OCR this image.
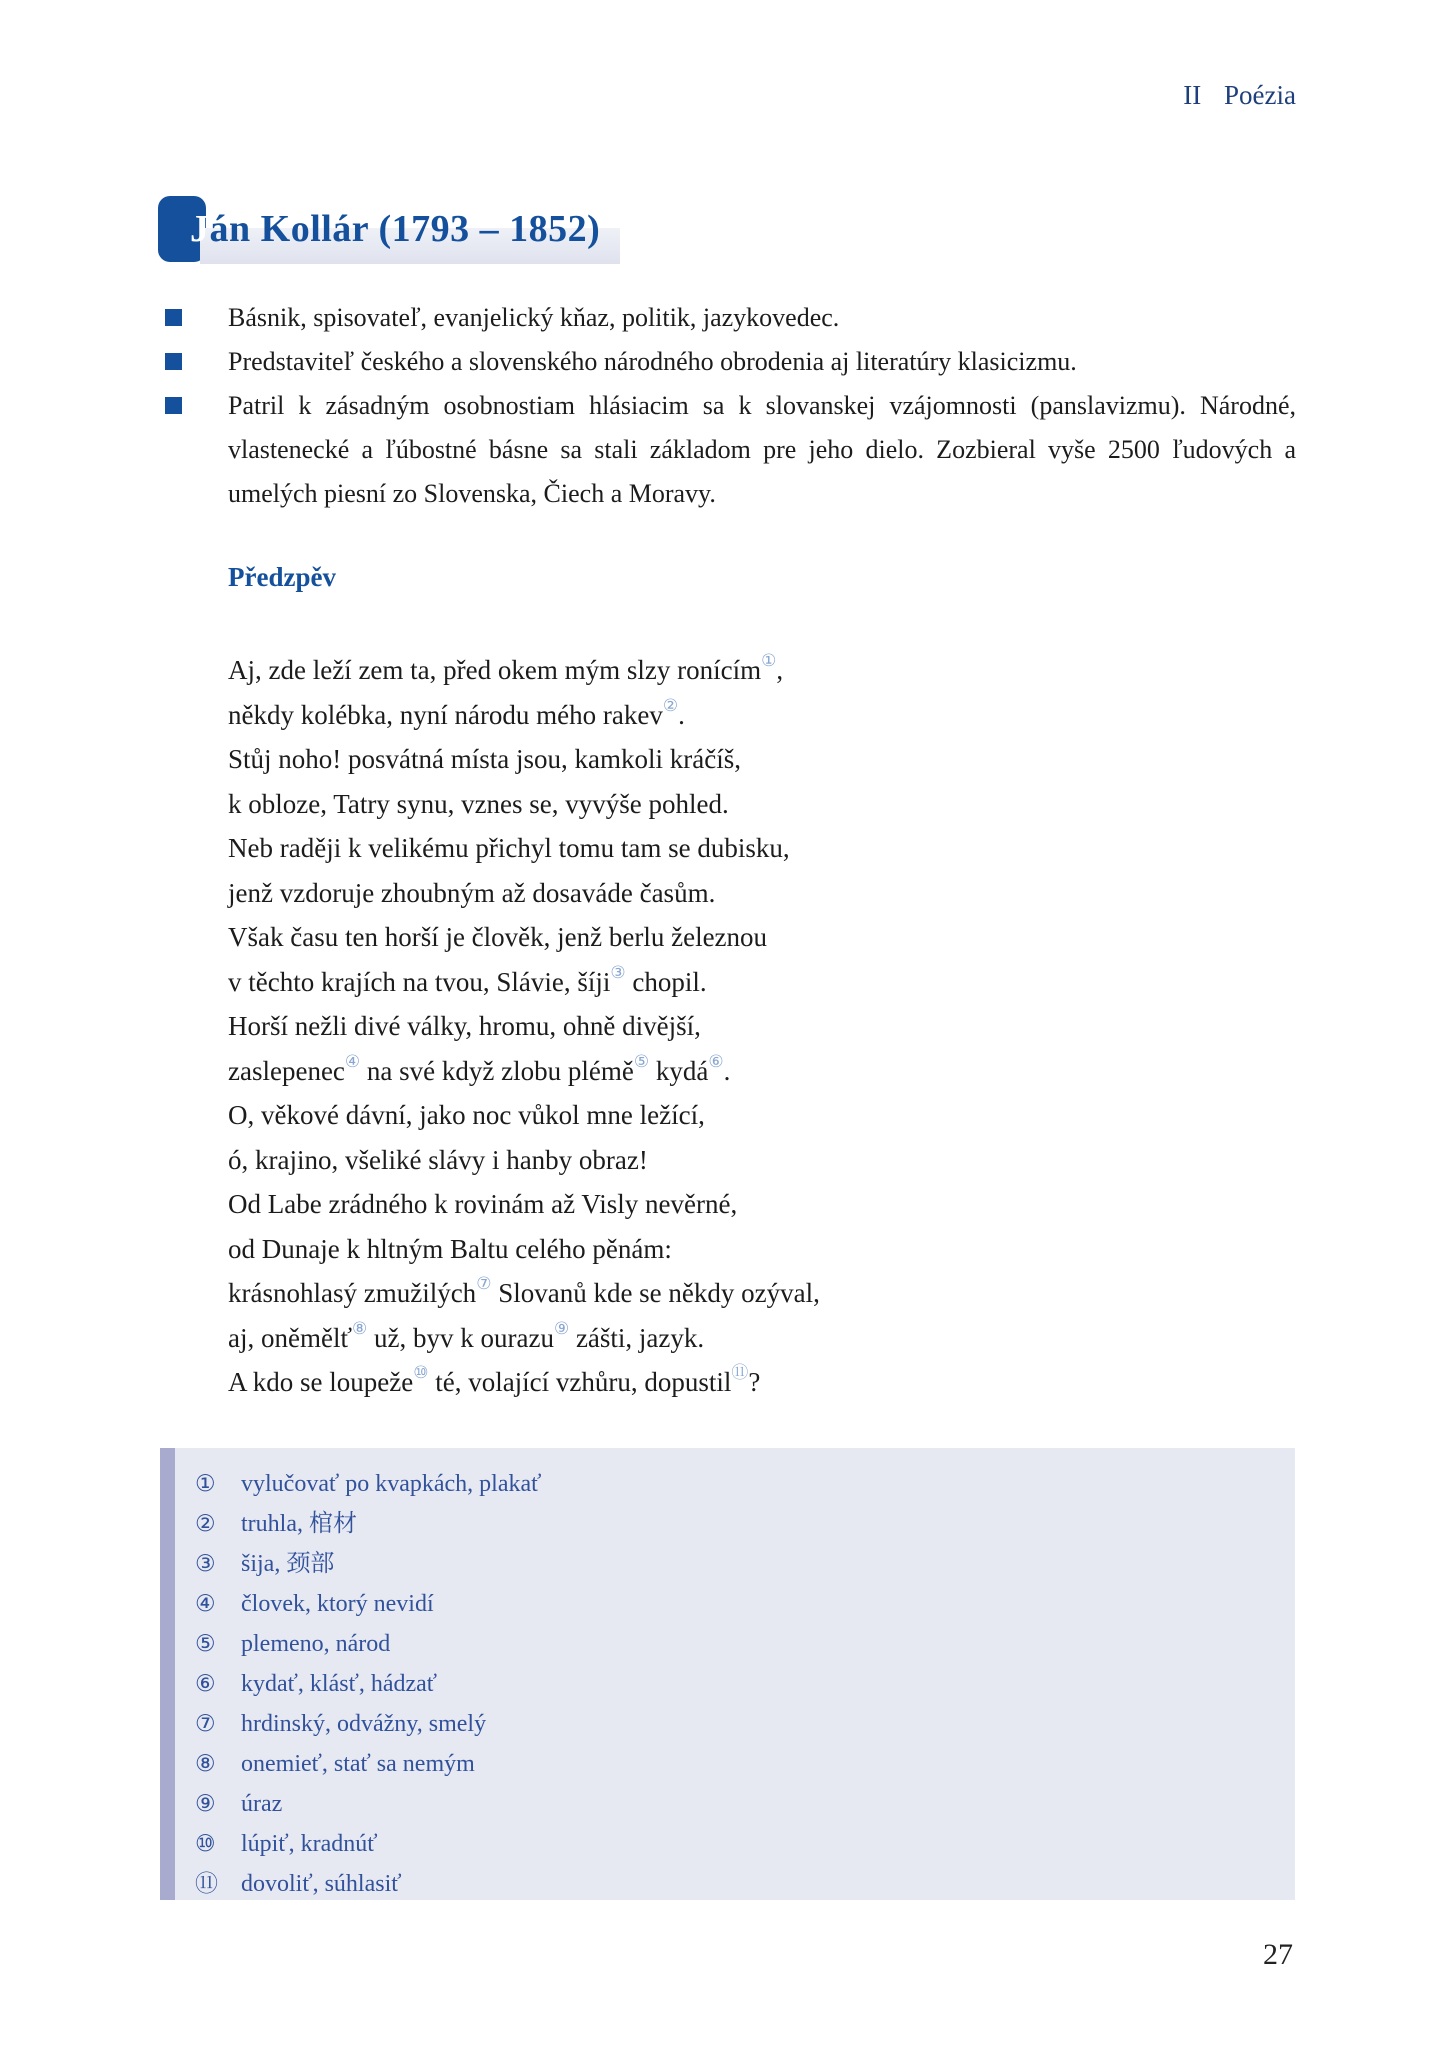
II Poézia
Ján Kollár (1793 – 1852)
Básnik, spisovateľ, evanjelický kňaz, politik, jazykovedec.
Predstaviteľ českého a slovenského národného obrodenia aj literatúry klasicizmu.
Patril k zásadným osobnostiam hlásiacim sa k slovanskej vzájomnosti (panslavizmu). Národné, vlastenecké a ľúbostné básne sa stali základom pre jeho dielo. Zozbieral vyše 2500 ľudových a umelých piesní zo Slovenska, Čiech a Moravy.
Předzpěv
Aj, zde leží zem ta, před okem mým slzy ronícím①,
někdy kolébka, nyní národu mého rakev②.
Stůj noho! posvátná místa jsou, kamkoli kráčíš,
k obloze, Tatry synu, vznes se, vyvýše pohled.
Neb raději k velikému přichyl tomu tam se dubisku,
jenž vzdoruje zhoubným až dosaváde časům.
Však času ten horší je člověk, jenž berlu železnou
v těchto krajích na tvou, Slávie, šíji③ chopil.
Horší nežli divé války, hromu, ohně divější,
zaslepenec④ na své když zlobu plémě⑤ kydá⑥.
O, věkové dávní, jako noc vůkol mne ležící,
ó, krajino, všeliké slávy i hanby obraz!
Od Labe zrádného k rovinám až Visly nevěrné,
od Dunaje k hltným Baltu celého pěnám:
krásnohlasý zmužilých⑦ Slovanů kde se někdy ozýval,
aj, oněmělť⑧ už, byv k ourazu⑨ zášti, jazyk.
A kdo se loupeže⑩ té, volající vzhůru, dopustil⑪?
①	vylučovať po kvapkách, plakať
②	truhla, 棺材
③	šija, 颈部
④	človek, ktorý nevidí
⑤	plemeno, národ
⑥	kydať, klásť, hádzať
⑦	hrdinský, odvážny, smelý
⑧	onemieť, stať sa nemým
⑨	úraz
⑩	lúpiť, kradnúť
⑪ dovoliť, súhlasiť
27
